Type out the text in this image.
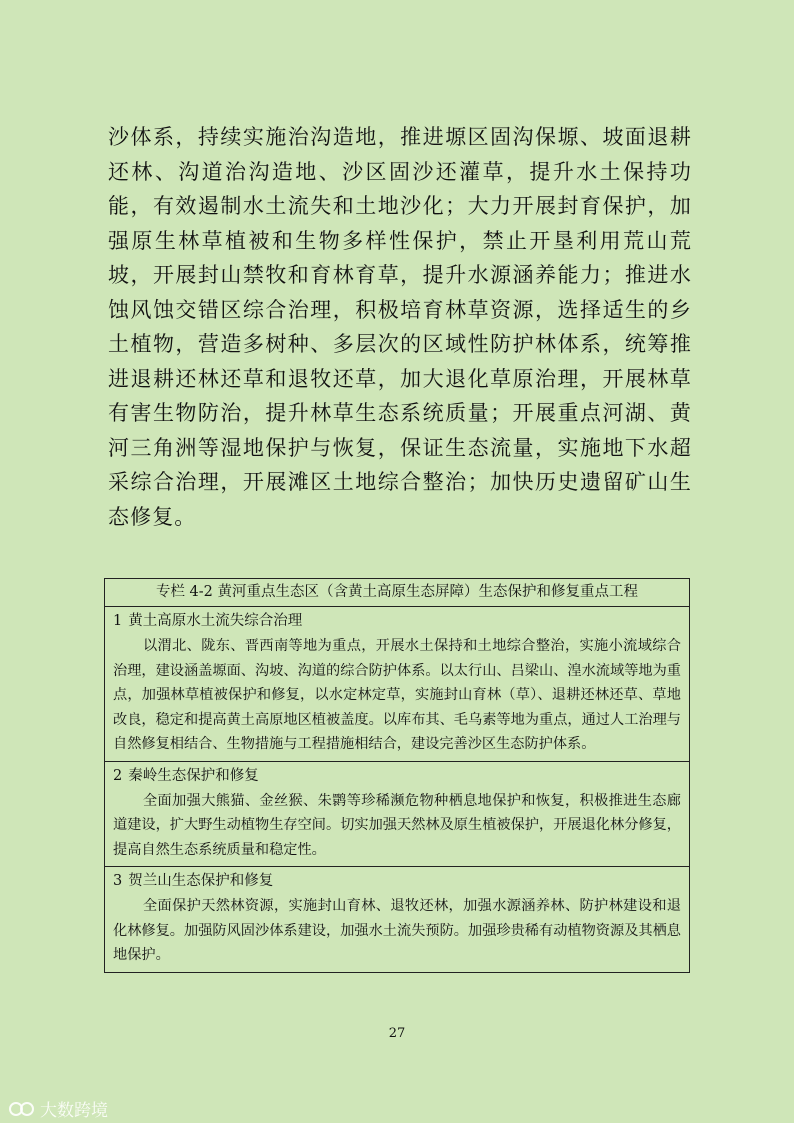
沙体系，持续实施治沟造地，推进塬区固沟保塬、坡面退耕还林、沟道治沟造地、沙区固沙还灌草，提升水土保持功能，有效遏制水土流失和土地沙化；大力开展封育保护，加强原生林草植被和生物多样性保护，禁止开垦利用荒山荒坡，开展封山禁牧和育林育草，提升水源涵养能力；推进水蚀风蚀交错区综合治理，积极培育林草资源，选择适生的乡土植物，营造多树种、多层次的区域性防护林体系，统筹推进退耕还林还草和退牧还草，加大退化草原治理，开展林草有害生物防治，提升林草生态系统质量；开展重点河湖、黄河三角洲等湿地保护与恢复，保证生态流量，实施地下水超采综合治理，开展滩区土地综合整治；加快历史遗留矿山生态修复。

专栏 4-2 黄河重点生态区（含黄土高原生态屏障）生态保护和修复重点工程
1 黄土高原水土流失综合治理

以渭北、陇东、晋西南等地为重点，开展水土保持和土地综合整治，实施小流域综合治理，建设涵盖塬面、沟坡、沟道的综合防护体系。以太行山、吕梁山、湟水流域等地为重点，加强林草植被保护和修复，以水定林定草，实施封山育林（草）、退耕还林还草、草地改良，稳定和提高黄土高原地区植被盖度。以库布其、毛乌素等地为重点，通过人工治理与自然修复相结合、生物措施与工程措施相结合，建设完善沙区生态防护体系。

2 秦岭生态保护和修复

全面加强大熊猫、金丝猴、朱鹮等珍稀濒危物种栖息地保护和恢复，积极推进生态廊道建设，扩大野生动植物生存空间。切实加强天然林及原生植被保护，开展退化林分修复，提高自然生态系统质量和稳定性。

3 贺兰山生态保护和修复

全面保护天然林资源，实施封山育林、退牧还林，加强水源涵养林、防护林建设和退化林修复。加强防风固沙体系建设，加强水土流失预防。加强珍贵稀有动植物资源及其栖息地保护。

27
大数跨境
